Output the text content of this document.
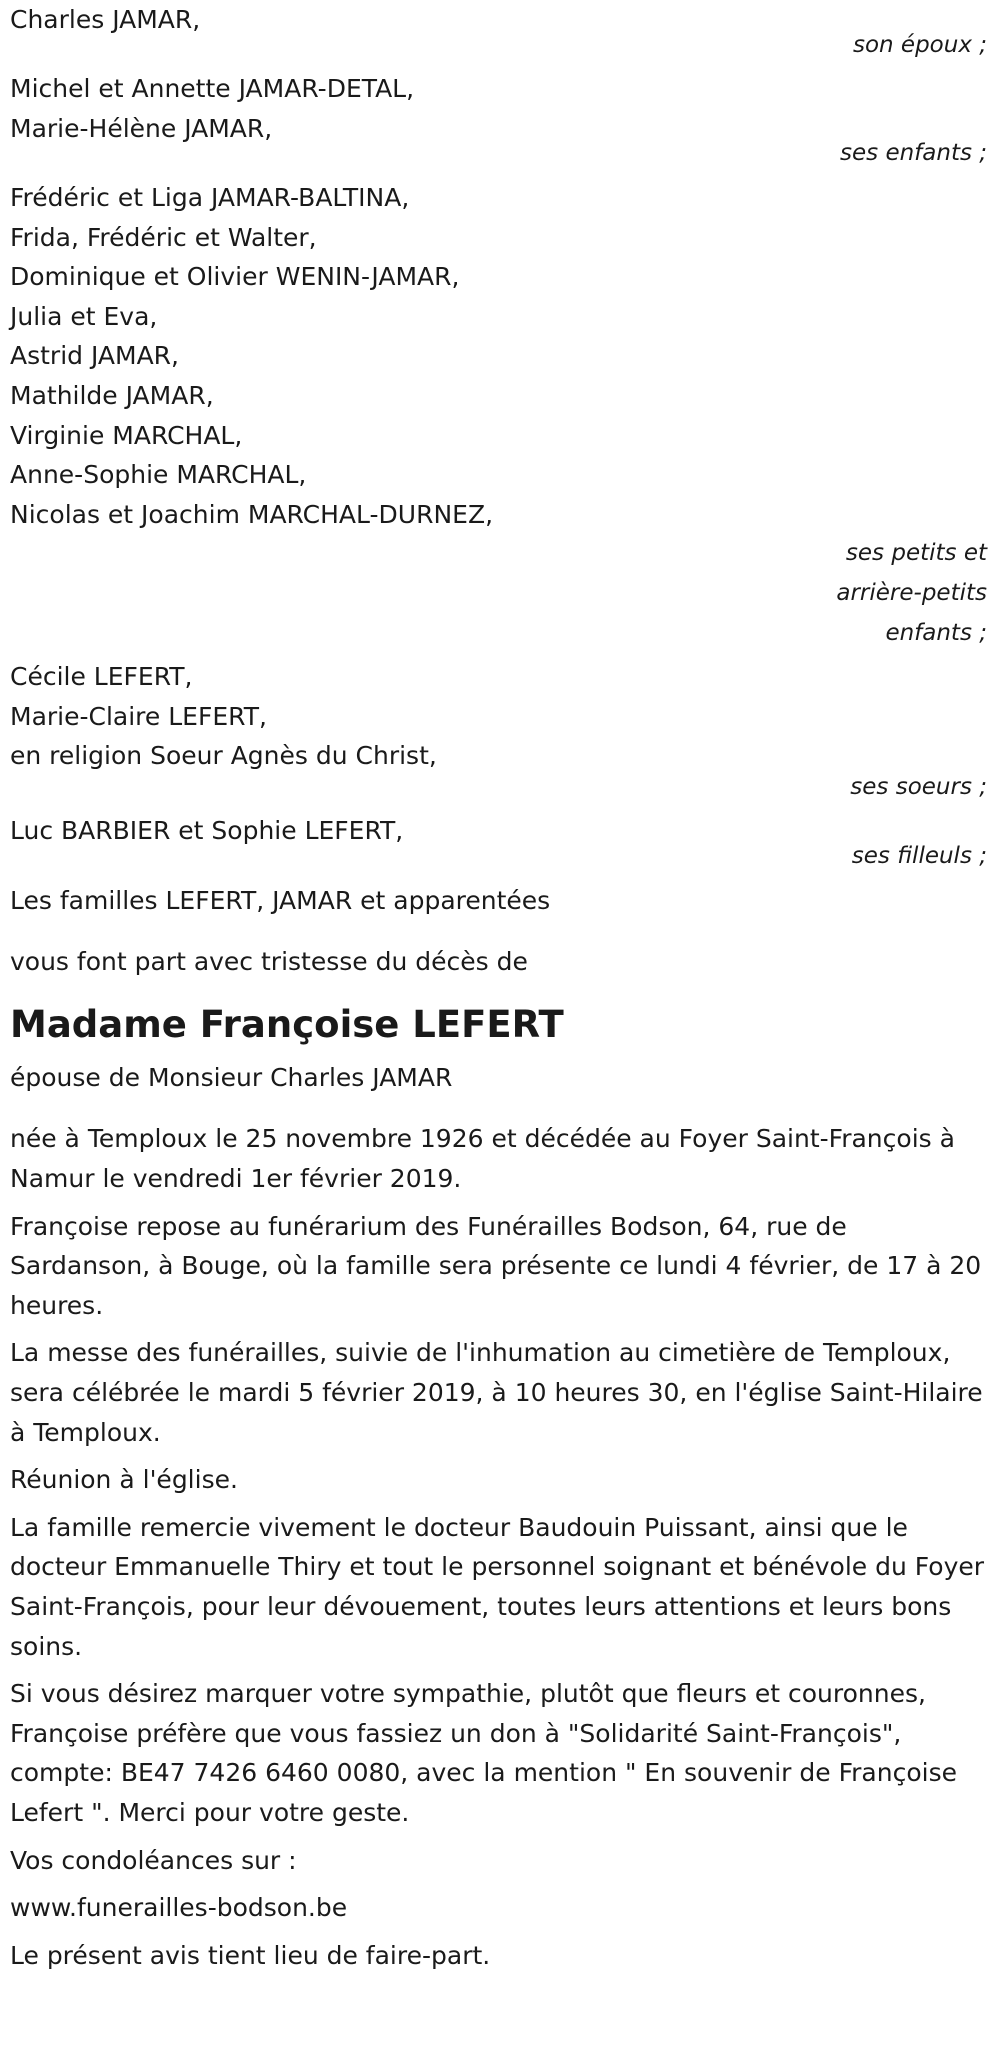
Charles JAMAR,
son époux ;
Michel et Annette JAMAR-DETAL,
Marie-Hélène JAMAR,
ses enfants ;
Frédéric et Liga JAMAR-BALTINA,
Frida, Frédéric et Walter,
Dominique et Olivier WENIN-JAMAR,
Julia et Eva,
Astrid JAMAR,
Mathilde JAMAR,
Virginie MARCHAL,
Anne-Sophie MARCHAL,
Nicolas et Joachim MARCHAL-DURNEZ,
ses petits et
arrière-petits
enfants ;
Cécile LEFERT,
Marie-Claire LEFERT,
en religion Soeur Agnès du Christ,
ses soeurs ;
Luc BARBIER et Sophie LEFERT,
ses filleuls ;
Les familles LEFERT, JAMAR et apparentées
vous font part avec tristesse du décès de
Madame Françoise LEFERT
épouse de Monsieur Charles JAMAR
née à Temploux le 25 novembre 1926 et décédée au Foyer Saint-François à Namur le vendredi 1er février 2019.
Françoise repose au funérarium des Funérailles Bodson, 64, rue de Sardanson, à Bouge, où la famille sera présente ce lundi 4 février, de 17 à 20 heures.
La messe des funérailles, suivie de l'inhumation au cimetière de Temploux, sera célébrée le mardi 5 février 2019, à 10 heures 30, en l'église Saint-Hilaire à Temploux.
Réunion à l'église.
La famille remercie vivement le docteur Baudouin Puissant, ainsi que le docteur Emmanuelle Thiry et tout le personnel soignant et bénévole du Foyer Saint-François, pour leur dévouement, toutes leurs attentions et leurs bons soins.
Si vous désirez marquer votre sympathie, plutôt que fleurs et couronnes, Françoise préfère que vous fassiez un don à "Solidarité Saint-François", compte: BE47 7426 6460 0080, avec la mention " En souvenir de Françoise Lefert ". Merci pour votre geste.
Vos condoléances sur :
www.funerailles-bodson.be
Le présent avis tient lieu de faire-part.
